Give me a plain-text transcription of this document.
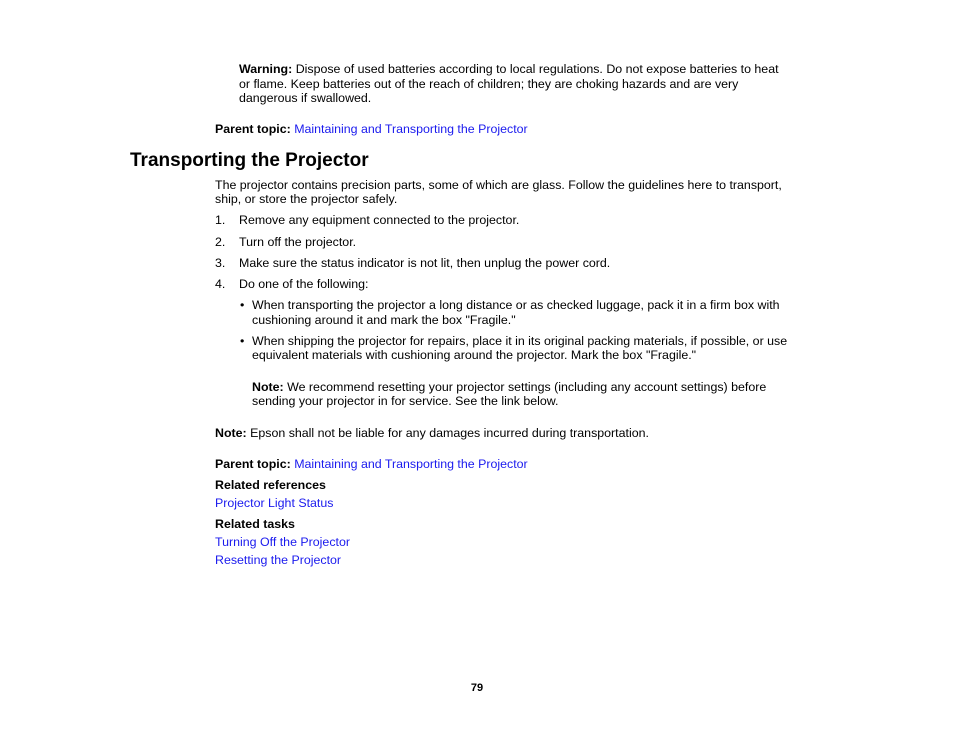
Warning: Dispose of used batteries according to local regulations. Do not expose batteries to heat
or flame. Keep batteries out of the reach of children; they are choking hazards and are very
dangerous if swallowed.
Parent topic: Maintaining and Transporting the Projector
Transporting the Projector
The projector contains precision parts, some of which are glass. Follow the guidelines here to transport,
ship, or store the projector safely.
1. Remove any equipment connected to the projector.
2. Turn off the projector.
3. Make sure the status indicator is not lit, then unplug the power cord.
4. Do one of the following:
• When transporting the projector a long distance or as checked luggage, pack it in a firm box with
cushioning around it and mark the box "Fragile."
• When shipping the projector for repairs, place it in its original packing materials, if possible, or use
equivalent materials with cushioning around the projector. Mark the box "Fragile."
Note: We recommend resetting your projector settings (including any account settings) before
sending your projector in for service. See the link below.
Note: Epson shall not be liable for any damages incurred during transportation.
Parent topic: Maintaining and Transporting the Projector
Related references
Projector Light Status
Related tasks
Turning Off the Projector
Resetting the Projector
79
